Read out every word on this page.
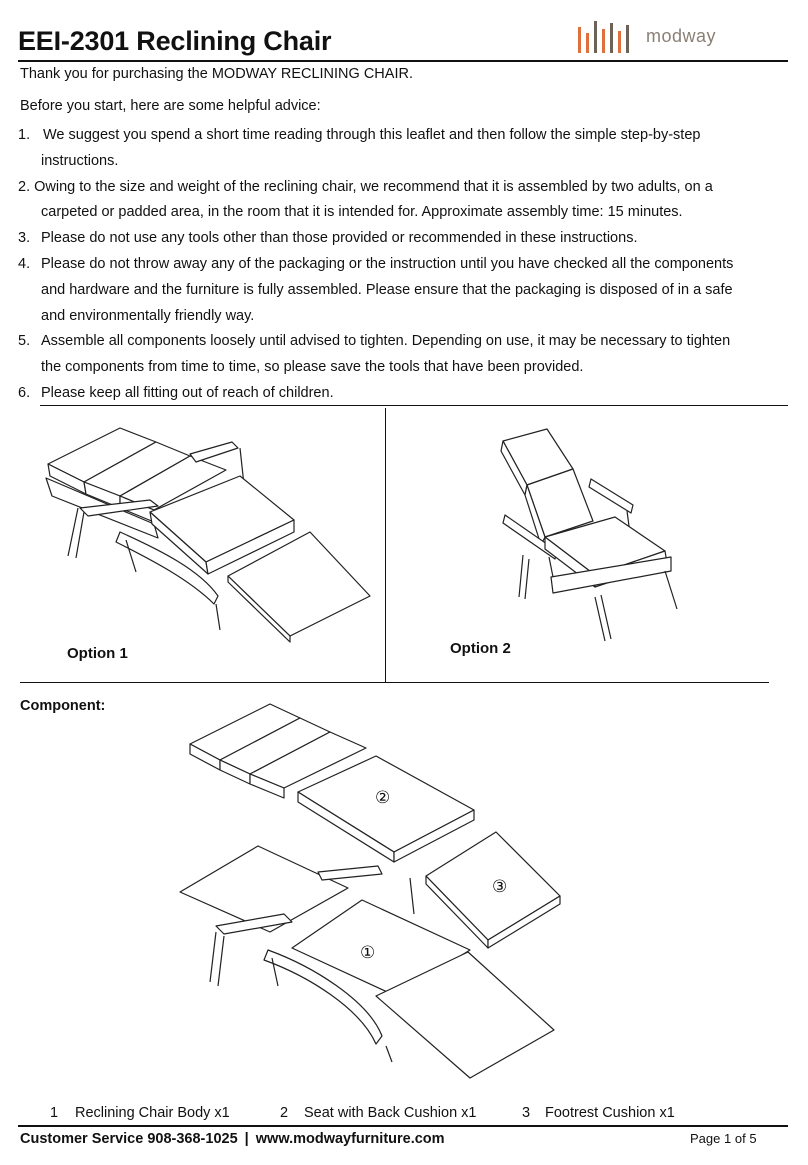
EEI-2301 Reclining Chair	modway
Thank you for purchasing the MODWAY RECLINING CHAIR.
Before you start, here are some helpful advice:
1. We suggest you spend a short time reading through this leaflet and then follow the simple step-by-step
instructions.
2. Owing to the size and weight of the reclining chair, we recommend that it is assembled by two adults, on a
carpeted or padded area, in the room that it is intended for. Approximate assembly time: 15 minutes.
3. Please do not use any tools other than those provided or recommended in these instructions.
4. Please do not throw away any of the packaging or the instruction until you have checked all the components
and hardware and the furniture is fully assembled. Please ensure that the packaging is disposed of in a safe
and environmentally friendly way.
5. Assemble all components loosely until advised to tighten. Depending on use, it may be necessary to tighten
the components from time to time, so please save the tools that have been provided.
6. Please keep all fitting out of reach of children.
Option 1	Option 2
Component:
②
③
①
1 Reclining Chair Body x1	2 Seat with Back Cushion x1	3 Footrest Cushion x1
Customer Service 908-368-1025 | www.modwayfurniture.com	Page 1 of 5
